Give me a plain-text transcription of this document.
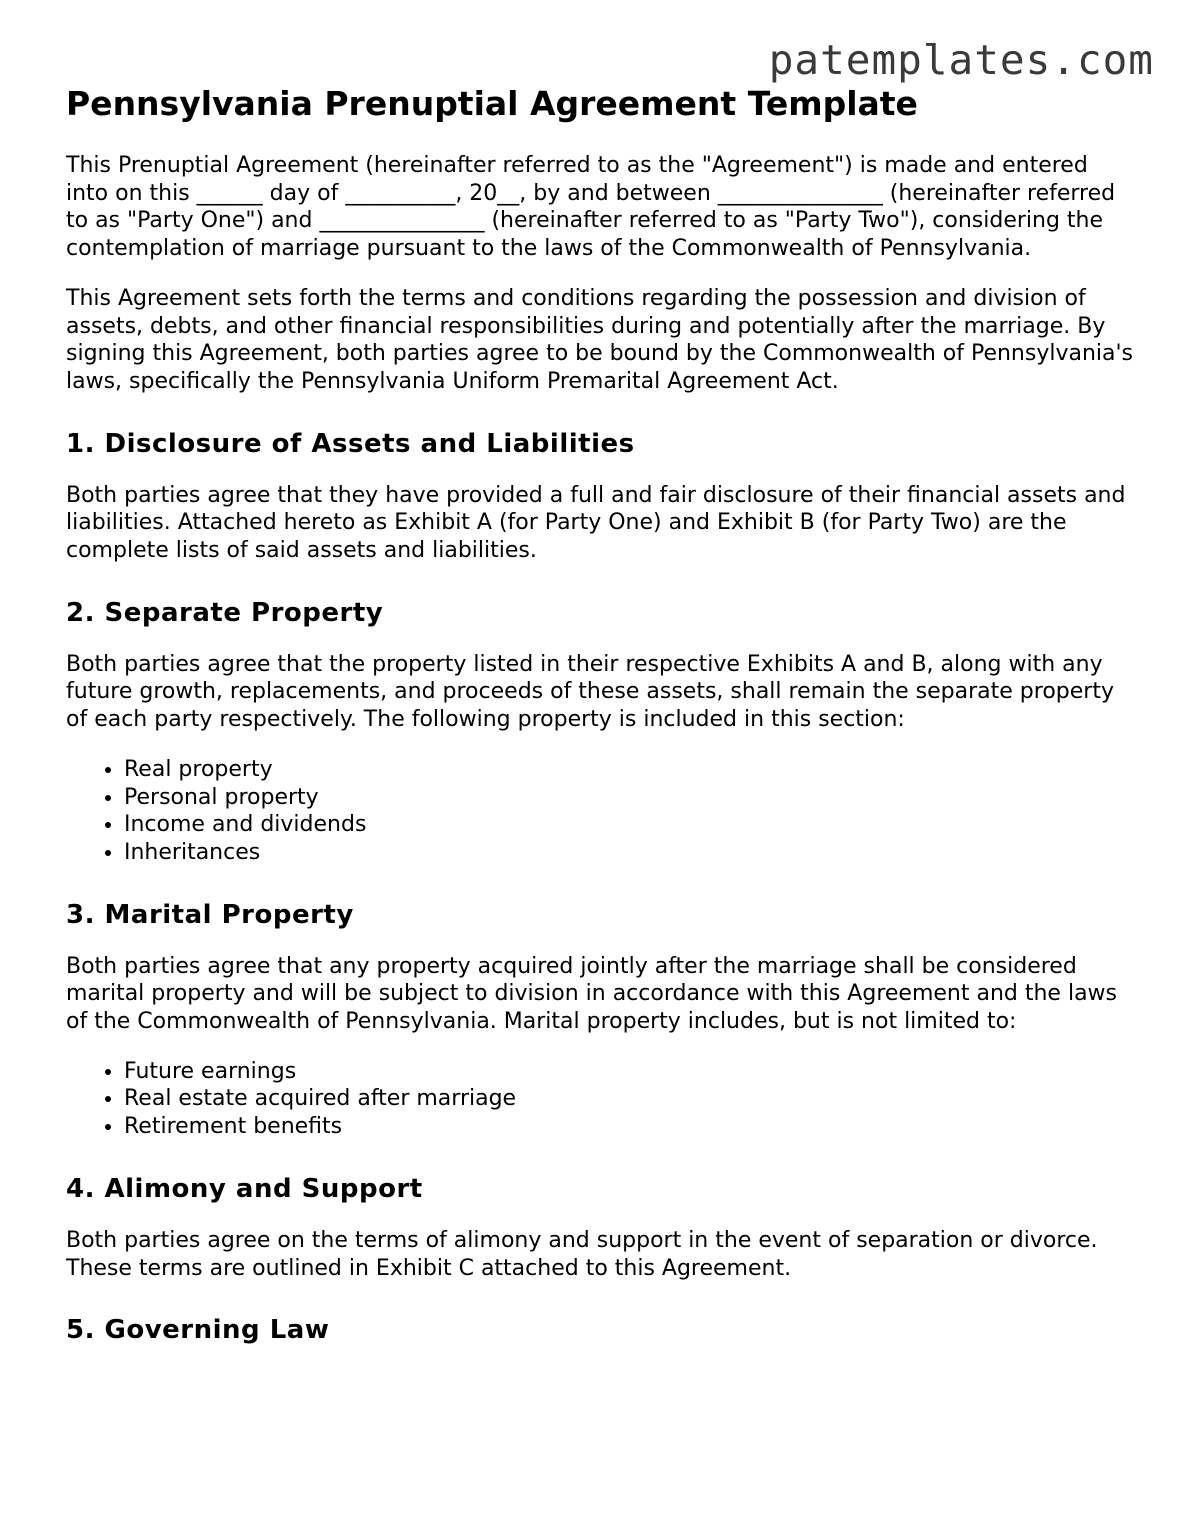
patemplates.com
Pennsylvania Prenuptial Agreement Template

This Prenuptial Agreement (hereinafter referred to as the "Agreement") is made and entered into on this ______ day of __________, 20__, by and between _______________ (hereinafter referred to as "Party One") and _______________ (hereinafter referred to as "Party Two"), considering the contemplation of marriage pursuant to the laws of the Commonwealth of Pennsylvania.

This Agreement sets forth the terms and conditions regarding the possession and division of assets, debts, and other financial responsibilities during and potentially after the marriage. By signing this Agreement, both parties agree to be bound by the Commonwealth of Pennsylvania's laws, specifically the Pennsylvania Uniform Premarital Agreement Act.

1. Disclosure of Assets and Liabilities

Both parties agree that they have provided a full and fair disclosure of their financial assets and liabilities. Attached hereto as Exhibit A (for Party One) and Exhibit B (for Party Two) are the complete lists of said assets and liabilities.

2. Separate Property

Both parties agree that the property listed in their respective Exhibits A and B, along with any future growth, replacements, and proceeds of these assets, shall remain the separate property of each party respectively. The following property is included in this section:

• Real property
• Personal property
• Income and dividends
• Inheritances
3. Marital Property

Both parties agree that any property acquired jointly after the marriage shall be considered marital property and will be subject to division in accordance with this Agreement and the laws of the Commonwealth of Pennsylvania. Marital property includes, but is not limited to:

• Future earnings
• Real estate acquired after marriage
• Retirement benefits
4. Alimony and Support

Both parties agree on the terms of alimony and support in the event of separation or divorce. These terms are outlined in Exhibit C attached to this Agreement.

5. Governing Law
